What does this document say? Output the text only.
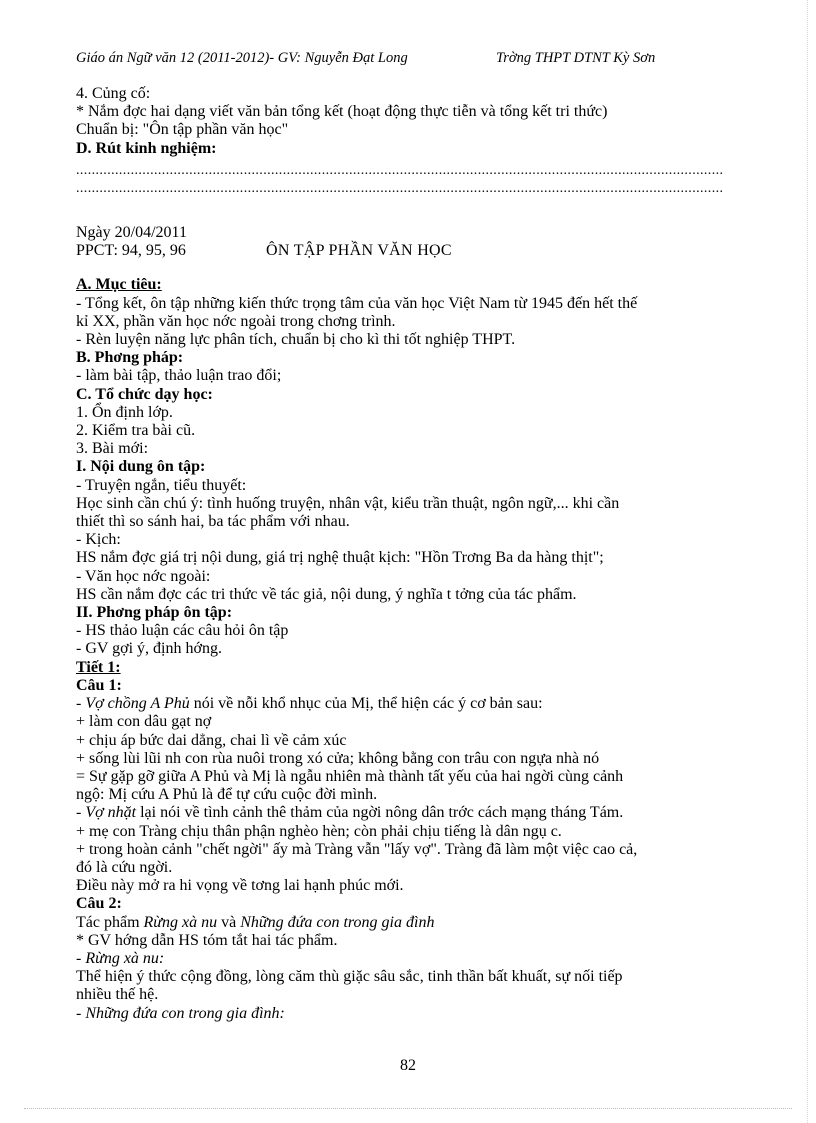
Giáo án Ngữ văn 12 (2011-2012)- GV: Nguyễn Đạt Long	Trờng THPT DTNT Kỳ Sơn
4. Củng cố:
* Nắm đợc hai dạng viết văn bản tổng kết (hoạt động thực tiễn và tổng kết tri thức)
Chuẩn bị: "Ôn tập phần văn học"
D. Rút kinh nghiệm:
......................................................................................................................................................................
......................................................................................................................................................................
Ngày 20/04/2011
PPCT: 94, 95, 96	ÔN TẬP PHẦN VĂN HỌC
A. Mục tiêu:
- Tổng kết, ôn tập những kiến thức trọng tâm của văn học Việt Nam từ 1945 đến hết thế
kỉ XX, phần văn học nớc ngoài trong chơng trình.
- Rèn luyện năng lực phân tích, chuẩn bị cho kì thi tốt nghiệp THPT.
B. Phơng pháp:
- làm bài tập, thảo luận trao đổi;
C. Tổ chức dạy học:
1. Ổn định lớp.
2. Kiểm tra bài cũ.
3. Bài mới:
I. Nội dung ôn tập:
- Truyện ngắn, tiểu thuyết:
Học sinh cần chú ý: tình huống truyện, nhân vật, kiểu trần thuật, ngôn ngữ,... khi cần
thiết thì so sánh hai, ba tác phẩm với nhau.
- Kịch:
HS nắm đợc giá trị nội dung, giá trị nghệ thuật kịch: "Hồn Trơng Ba da hàng thịt";
- Văn học nớc ngoài:
HS cần nắm đợc các tri thức về tác giả, nội dung, ý nghĩa t tởng của tác phẩm.
II. Phơng pháp ôn tập:
- HS thảo luận các câu hỏi ôn tập
- GV gợi ý, định hớng.
Tiết 1:
Câu 1:
- Vợ chồng A Phủ nói về nỗi khổ nhục của Mị, thể hiện các ý cơ bản sau:
+ làm con dâu gạt nợ
+ chịu áp bức dai dẳng, chai lì về cảm xúc
+ sống lùi lũi nh con rùa nuôi trong xó cửa; không bằng con trâu con ngựa nhà nó
= Sự gặp gỡ giữa A Phủ và Mị là ngẫu nhiên mà thành tất yếu của hai ngời cùng cảnh
ngộ: Mị cứu A Phủ là để tự cứu cuộc đời mình.
- Vợ nhặt lại nói về tình cảnh thê thảm của ngời nông dân trớc cách mạng tháng Tám.
+ mẹ con Tràng chịu thân phận nghèo hèn; còn phải chịu tiếng là dân ngụ c.
+ trong hoàn cảnh "chết ngời" ấy mà Tràng vẫn "lấy vợ". Tràng đã làm một việc cao cả,
đó là cứu ngời.
Điều này mở ra hi vọng về tơng lai hạnh phúc mới.
Câu 2:
Tác phẩm Rừng xà nu và Những đứa con trong gia đình
* GV hớng dẫn HS tóm tắt hai tác phẩm.
- Rừng xà nu:
Thể hiện ý thức cộng đồng, lòng căm thù giặc sâu sắc, tinh thần bất khuất, sự nối tiếp
nhiều thế hệ.
- Những đứa con trong gia đình:
82
